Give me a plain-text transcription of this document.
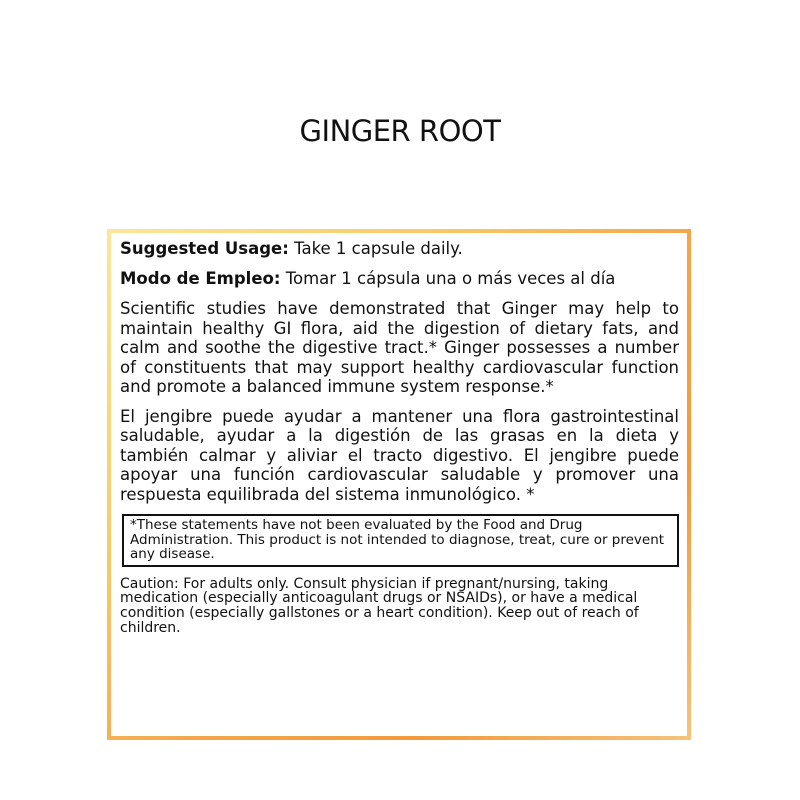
GINGER ROOT

Suggested Usage: Take 1 capsule daily.

Modo de Empleo: Tomar 1 cápsula una o más veces al día

Scientific studies have demonstrated that Ginger may help to maintain healthy GI flora, aid the digestion of dietary fats, and calm and soothe the digestive tract.* Ginger possesses a number of constituents that may support healthy cardiovascular function and promote a balanced immune system response.*

El jengibre puede ayudar a mantener una flora gastrointestinal saludable, ayudar a la digestión de las grasas en la dieta y también calmar y aliviar el tracto digestivo. El jengibre puede apoyar una función cardiovascular saludable y promover una respuesta equilibrada del sistema inmunológico. *

*These statements have not been evaluated by the Food and Drug Administration. This product is not intended to diagnose, treat, cure or prevent any disease.

Caution: For adults only. Consult physician if pregnant/nursing, taking medication (especially anticoagulant drugs or NSAIDs), or have a medical condition (especially gallstones or a heart condition). Keep out of reach of children.
